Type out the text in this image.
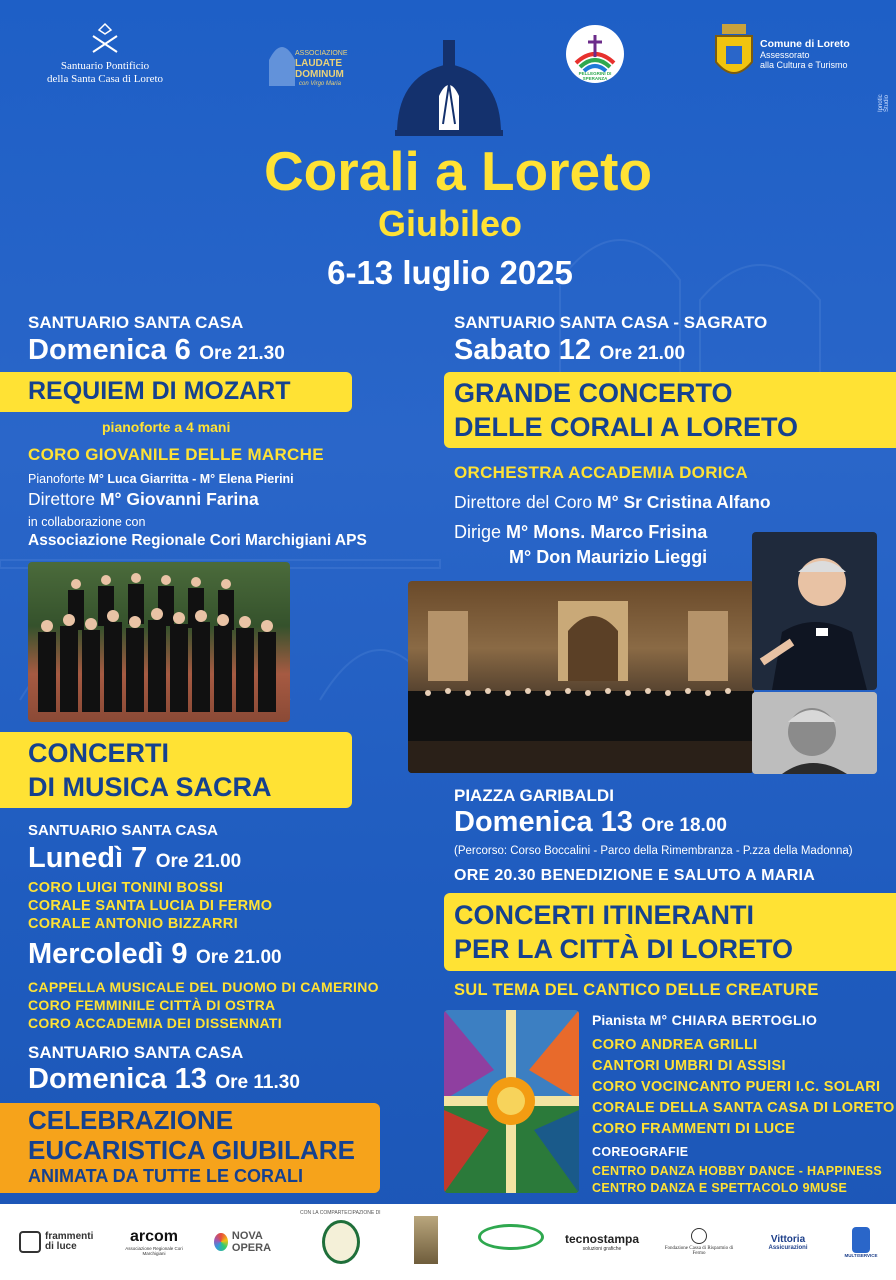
Santuario Pontificio
della Santa Casa di Loreto
ASSOCIAZIONE
LAUDATE
DOMINUM
con Virgo Maria
PELLEGRINI DI SPERANZA
Comune di Loreto
Assessorato
alla Cultura e Turismo
Ipnotic Studio
Corali a Loreto
Giubileo
6-13 luglio 2025
SANTUARIO SANTA CASA
Domenica 6 Ore 21.30
REQUIEM DI MOZART
pianoforte a 4 mani
CORO GIOVANILE DELLE MARCHE
Pianoforte M° Luca Giarritta - M° Elena Pierini
Direttore M° Giovanni Farina
in collaborazione con
Associazione Regionale Cori Marchigiani APS
CONCERTI
DI MUSICA SACRA
SANTUARIO SANTA CASA
Lunedì 7 Ore 21.00
CORO LUIGI TONINI BOSSI
CORALE SANTA LUCIA DI FERMO
CORALE ANTONIO BIZZARRI
Mercoledì 9 Ore 21.00
CAPPELLA MUSICALE DEL DUOMO DI CAMERINO
CORO FEMMINILE CITTÀ DI OSTRA
CORO ACCADEMIA DEI DISSENNATI
SANTUARIO SANTA CASA
Domenica 13 Ore 11.30
CELEBRAZIONE
EUCARISTICA GIUBILARE
ANIMATA DA TUTTE LE CORALI
SANTUARIO SANTA CASA - SAGRATO
Sabato 12 Ore 21.00
GRANDE CONCERTO
DELLE CORALI A LORETO
ORCHESTRA ACCADEMIA DORICA
Direttore del Coro M° Sr Cristina Alfano
Dirige M° Mons. Marco Frisina
M° Don Maurizio Lieggi
PIAZZA GARIBALDI
Domenica 13 Ore 18.00
(Percorso: Corso Boccalini - Parco della Rimembranza - P.zza della Madonna)
ORE 20.30 BENEDIZIONE E SALUTO A MARIA
CONCERTI ITINERANTI
PER LA CITTÀ DI LORETO
SUL TEMA DEL CANTICO DELLE CREATURE
Pianista M° CHIARA BERTOGLIO
CORO ANDREA GRILLI
CANTORI UMBRI DI ASSISI
CORO VOCINCANTO PUERI I.C. SOLARI
CORALE DELLA SANTA CASA DI LORETO
CORO FRAMMENTI DI LUCE
COREOGRAFIE
CENTRO DANZA HOBBY DANCE - HAPPINESS
CENTRO DANZA E SPETTACOLO 9MUSE
frammenti di luce
arcom
Associazione Regionale Cori Marchigiani
NOVA OPERA
CON LA COMPARTECIPAZIONE DI
tecnostampa
soluzioni grafiche	Fondazione Cassa di Risparmio di Fermo
Vittoria
Assicurazioni
MULTISERVICE
